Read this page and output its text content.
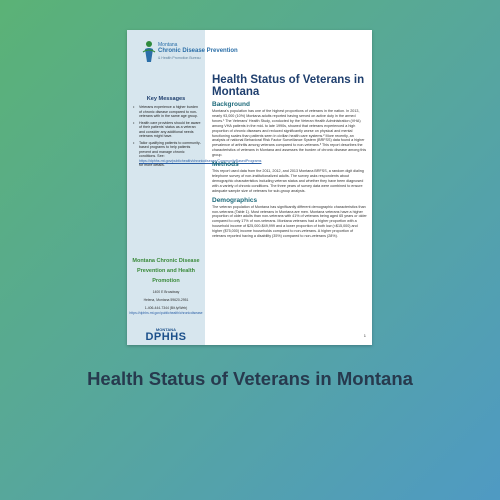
Montana
Chronic Disease Prevention
& Health Promotion Bureau
Key Messages
• Veterans experience a higher burden of chronic disease compared to non-veterans with in the same age group.
• Health care providers should be aware of their patients' status as a veteran and consider any additional needs veterans might have.
• Tailor qualifying patients to community-based programs to help patients prevent and manage chronic conditions. See: https://dphhs.mt.gov/publichealth/chronicdisease/CommunityBasedPrograms for more details.
Montana Chronic Disease Prevention and Health Promotion
1400 E Broadway
Helena, Montana 59620-2951
1-406-444-7344 (Bit.ly/Web)
https://dphhs.mt.gov/publichealth/chronicdisease
MONTANA
DPHHS
Health Status of Veterans in Montana
Background

Montana's population has one of the highest proportions of veterans in the nation. In 2013, nearly 93,000 (10%) Montana adults reported having served on active duty in the armed forces.¹ The Veterans' Health Study, conducted by the Veteran Health Administration (VHA) among VHA patients in the mid- to late 1990s, showed that veterans experienced a high proportion of chronic diseases and reduced significantly worse on physical and mental functioning scales than patients seen in civilian health care systems.² More recently, an analysis of national Behavioral Risk Factor Surveillance System (BRFSS) data found a higher prevalence of arthritis among veterans compared to non-veterans.³ This report describes the characteristics of veterans in Montana and assesses the burden of chronic disease among this group.

Methods

This report used data from the 2011, 2012, and 2013 Montana BRFSS, a random digit dialing telephone survey of non-institutionalized adults. The survey asks respondents about demographic characteristics including veteran status and whether they have been diagnosed with a variety of chronic conditions. The three years of survey data were combined to ensure adequate sample size of veterans for sub-group analysis.

Demographics

The veteran population of Montana has significantly different demographic characteristics than non-veterans (Table 1). Most veterans in Montana are men. Montana veterans have a higher proportion of older adults than non-veterans with 41% of veterans being aged 65 years or older compared to only 17% of non-veterans. Montana veterans had a higher proportion with a household income of $25,000-$49,999 and a lower proportion of both low (<$15,000) and higher ($75,000) income households compared to non-veterans. A higher proportion of veterans reported having a disability (35%) compared to non-veterans (28%).

1
Health Status of Veterans in Montana
